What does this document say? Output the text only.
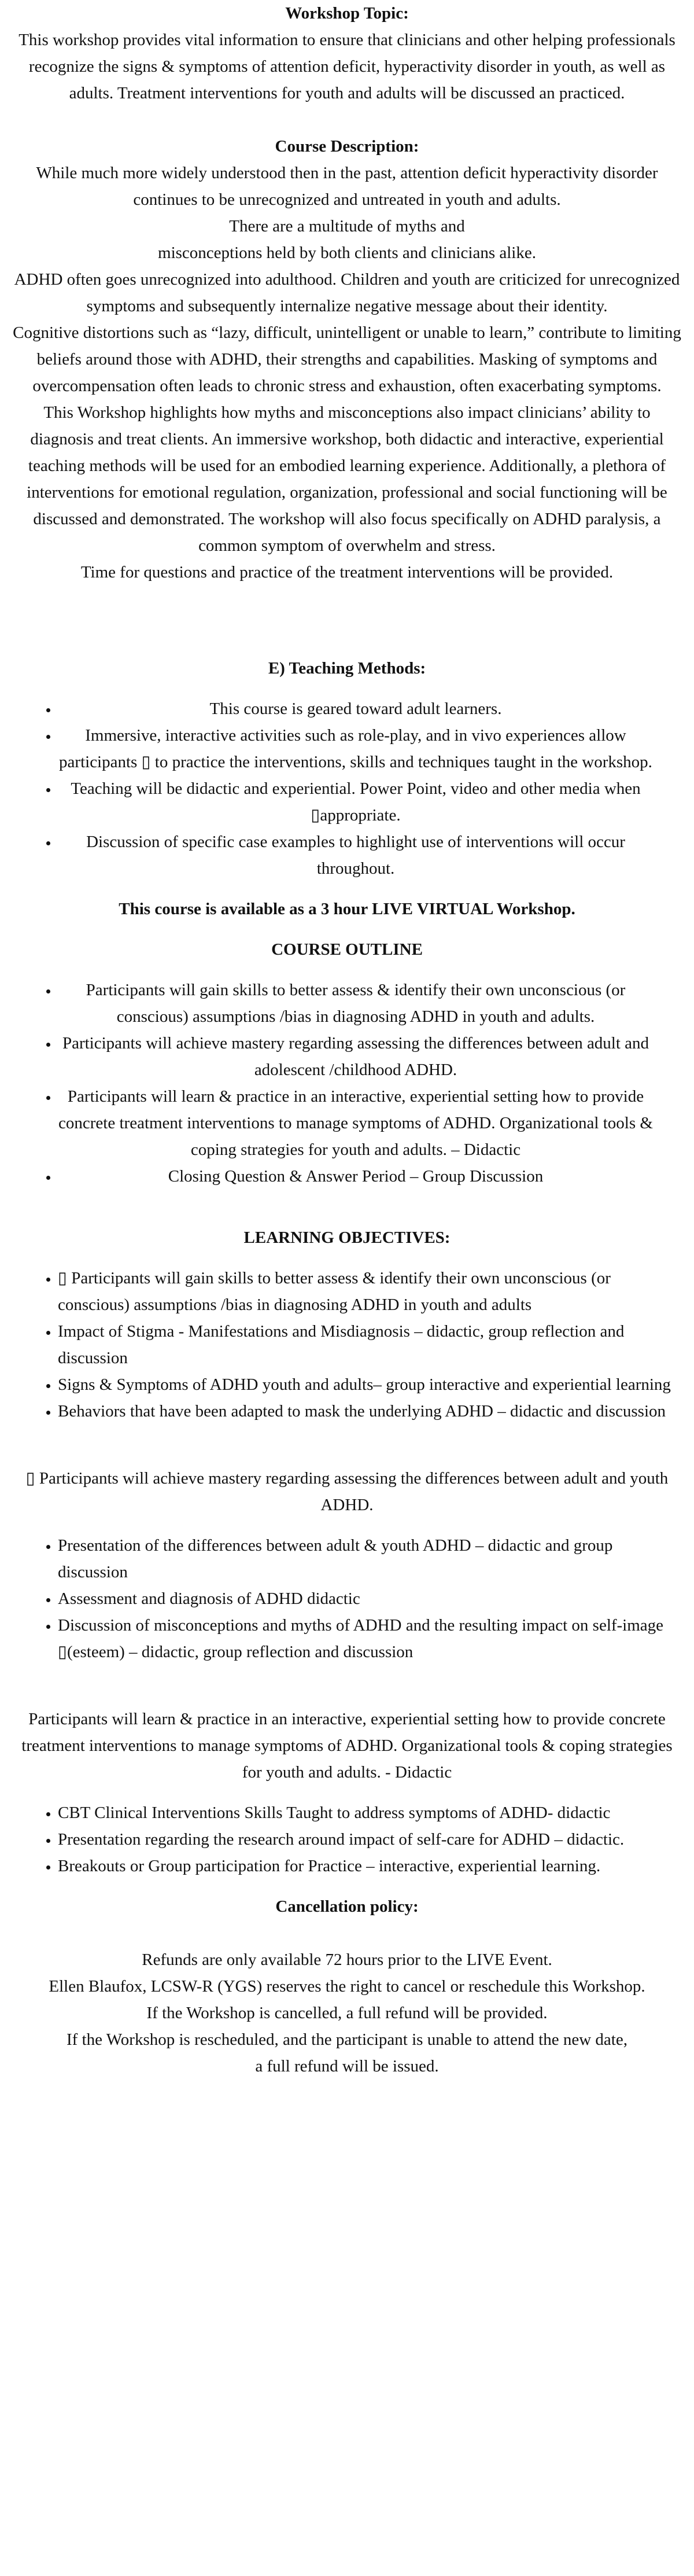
Workshop Topic:

This workshop provides vital information to ensure that clinicians and other helping professionals recognize the signs & symptoms of attention deficit, hyperactivity disorder in youth, as well as adults. Treatment interventions for youth and adults will be discussed an practiced.

Course Description:

While much more widely understood then in the past, attention deficit hyperactivity disorder continues to be unrecognized and untreated in youth and adults.

There are a multitude of myths and

misconceptions held by both clients and clinicians alike.

ADHD often goes unrecognized into adulthood. Children and youth are criticized for unrecognized symptoms and subsequently internalize negative message about their identity.

Cognitive distortions such as “lazy, difficult, unintelligent or unable to learn,” contribute to limiting

beliefs around those with ADHD, their strengths and capabilities. Masking of symptoms and

overcompensation often leads to chronic stress and exhaustion, often exacerbating symptoms.

This Workshop highlights how myths and misconceptions also impact clinicians’ ability to diagnosis and treat clients. An immersive workshop, both didactic and interactive, experiential teaching methods will be used for an embodied learning experience. Additionally, a plethora of interventions for emotional regulation, organization, professional and social functioning will be discussed and demonstrated. The workshop will also focus specifically on ADHD paralysis, a common symptom of overwhelm and stress.

Time for questions and practice of the treatment interventions will be provided.

E) Teaching Methods:

• This course is geared toward adult learners.
• Immersive, interactive activities such as role-play, and in vivo experiences allow participants ▯ to practice the interventions, skills and techniques taught in the workshop.
• Teaching will be didactic and experiential. Power Point, video and other media when ▯appropriate.
• Discussion of specific case examples to highlight use of interventions will occur throughout.

This course is available as a 3 hour LIVE VIRTUAL Workshop.

COURSE OUTLINE

• Participants will gain skills to better assess & identify their own unconscious (or conscious) assumptions /bias in diagnosing ADHD in youth and adults.
• Participants will achieve mastery regarding assessing the differences between adult and adolescent /childhood ADHD.
• Participants will learn & practice in an interactive, experiential setting how to provide concrete treatment interventions to manage symptoms of ADHD. Organizational tools & coping strategies for youth and adults. – Didactic
• Closing Question & Answer Period – Group Discussion

LEARNING OBJECTIVES:

• ▯ Participants will gain skills to better assess & identify their own unconscious (or conscious) assumptions /bias in diagnosing ADHD in youth and adults
• Impact of Stigma - Manifestations and Misdiagnosis – didactic, group reflection and discussion
• Signs & Symptoms of ADHD youth and adults– group interactive and experiential learning
• Behaviors that have been adapted to mask the underlying ADHD – didactic and discussion

▯ Participants will achieve mastery regarding assessing the differences between adult and youth ADHD.

• Presentation of the differences between adult & youth ADHD – didactic and group discussion
• Assessment and diagnosis of ADHD didactic
• Discussion of misconceptions and myths of ADHD and the resulting impact on self-image ▯(esteem) – didactic, group reflection and discussion

Participants will learn & practice in an interactive, experiential setting how to provide concrete treatment interventions to manage symptoms of ADHD. Organizational tools & coping strategies for youth and adults. - Didactic

• CBT Clinical Interventions Skills Taught to address symptoms of ADHD- didactic
• Presentation regarding the research around impact of self-care for ADHD – didactic.
• Breakouts or Group participation for Practice – interactive, experiential learning.

Cancellation policy:

Refunds are only available 72 hours prior to the LIVE Event.

Ellen Blaufox, LCSW-R (YGS) reserves the right to cancel or reschedule this Workshop.

If the Workshop is cancelled, a full refund will be provided.

If the Workshop is rescheduled, and the participant is unable to attend the new date,

a full refund will be issued.
